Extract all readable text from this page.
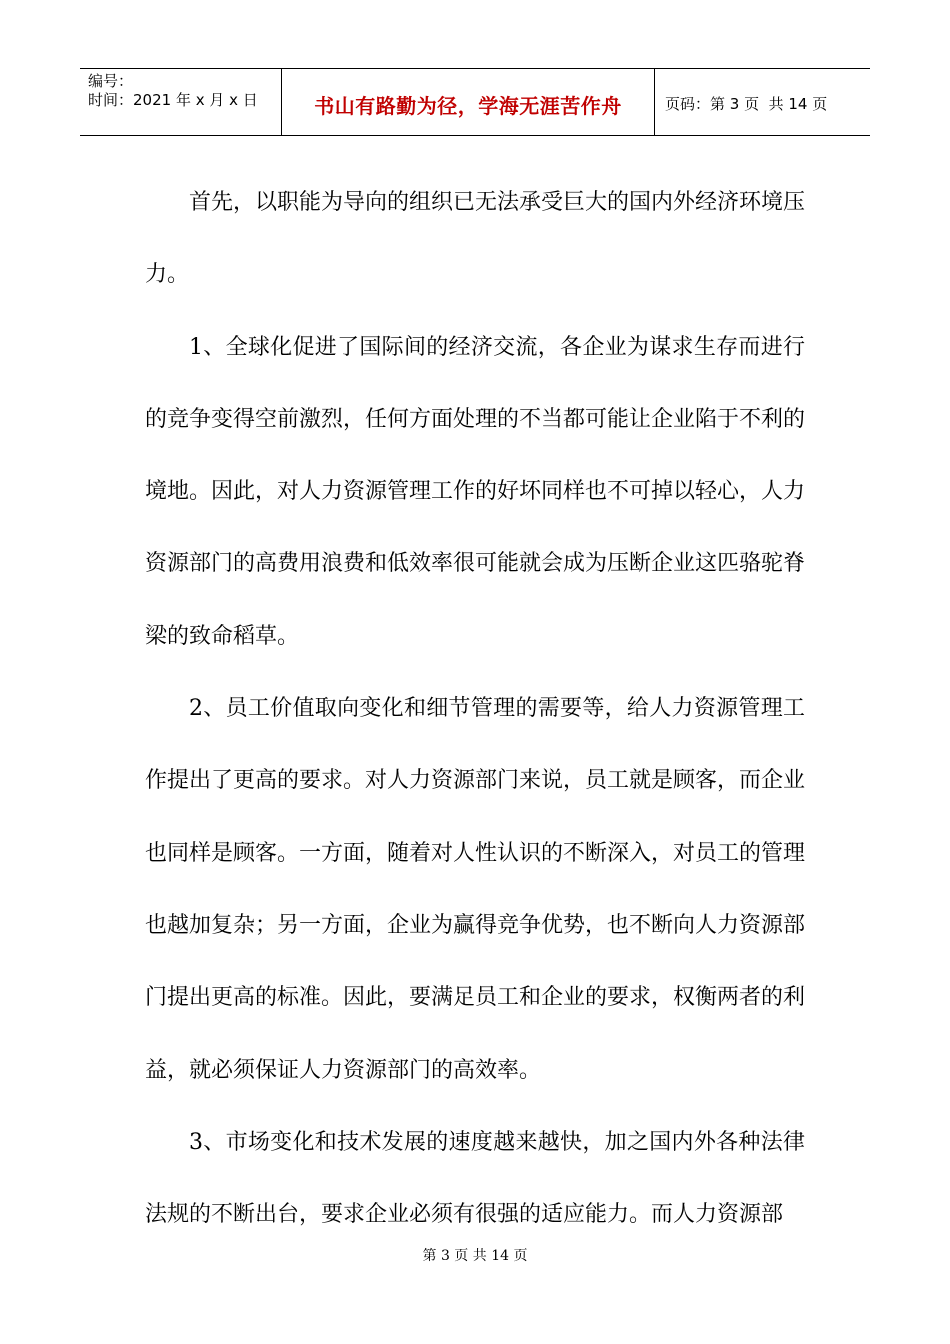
编号：
时间：2021 年 x 月 x 日	书山有路勤为径，学海无涯苦作舟	页码：第 3 页  共 14 页

首先，以职能为导向的组织已无法承受巨大的国内外经济环境压力。

1、全球化促进了国际间的经济交流，各企业为谋求生存而进行的竞争变得空前激烈，任何方面处理的不当都可能让企业陷于不利的境地。因此，对人力资源管理工作的好坏同样也不可掉以轻心，人力资源部门的高费用浪费和低效率很可能就会成为压断企业这匹骆驼脊梁的致命稻草。

2、员工价值取向变化和细节管理的需要等，给人力资源管理工作提出了更高的要求。对人力资源部门来说，员工就是顾客，而企业也同样是顾客。一方面，随着对人性认识的不断深入，对员工的管理也越加复杂；另一方面，企业为赢得竞争优势，也不断向人力资源部门提出更高的标准。因此，要满足员工和企业的要求，权衡两者的利益，就必须保证人力资源部门的高效率。

3、市场变化和技术发展的速度越来越快，加之国内外各种法律法规的不断出台，要求企业必须有很强的适应能力。而人力资源部

第 3 页 共 14 页
